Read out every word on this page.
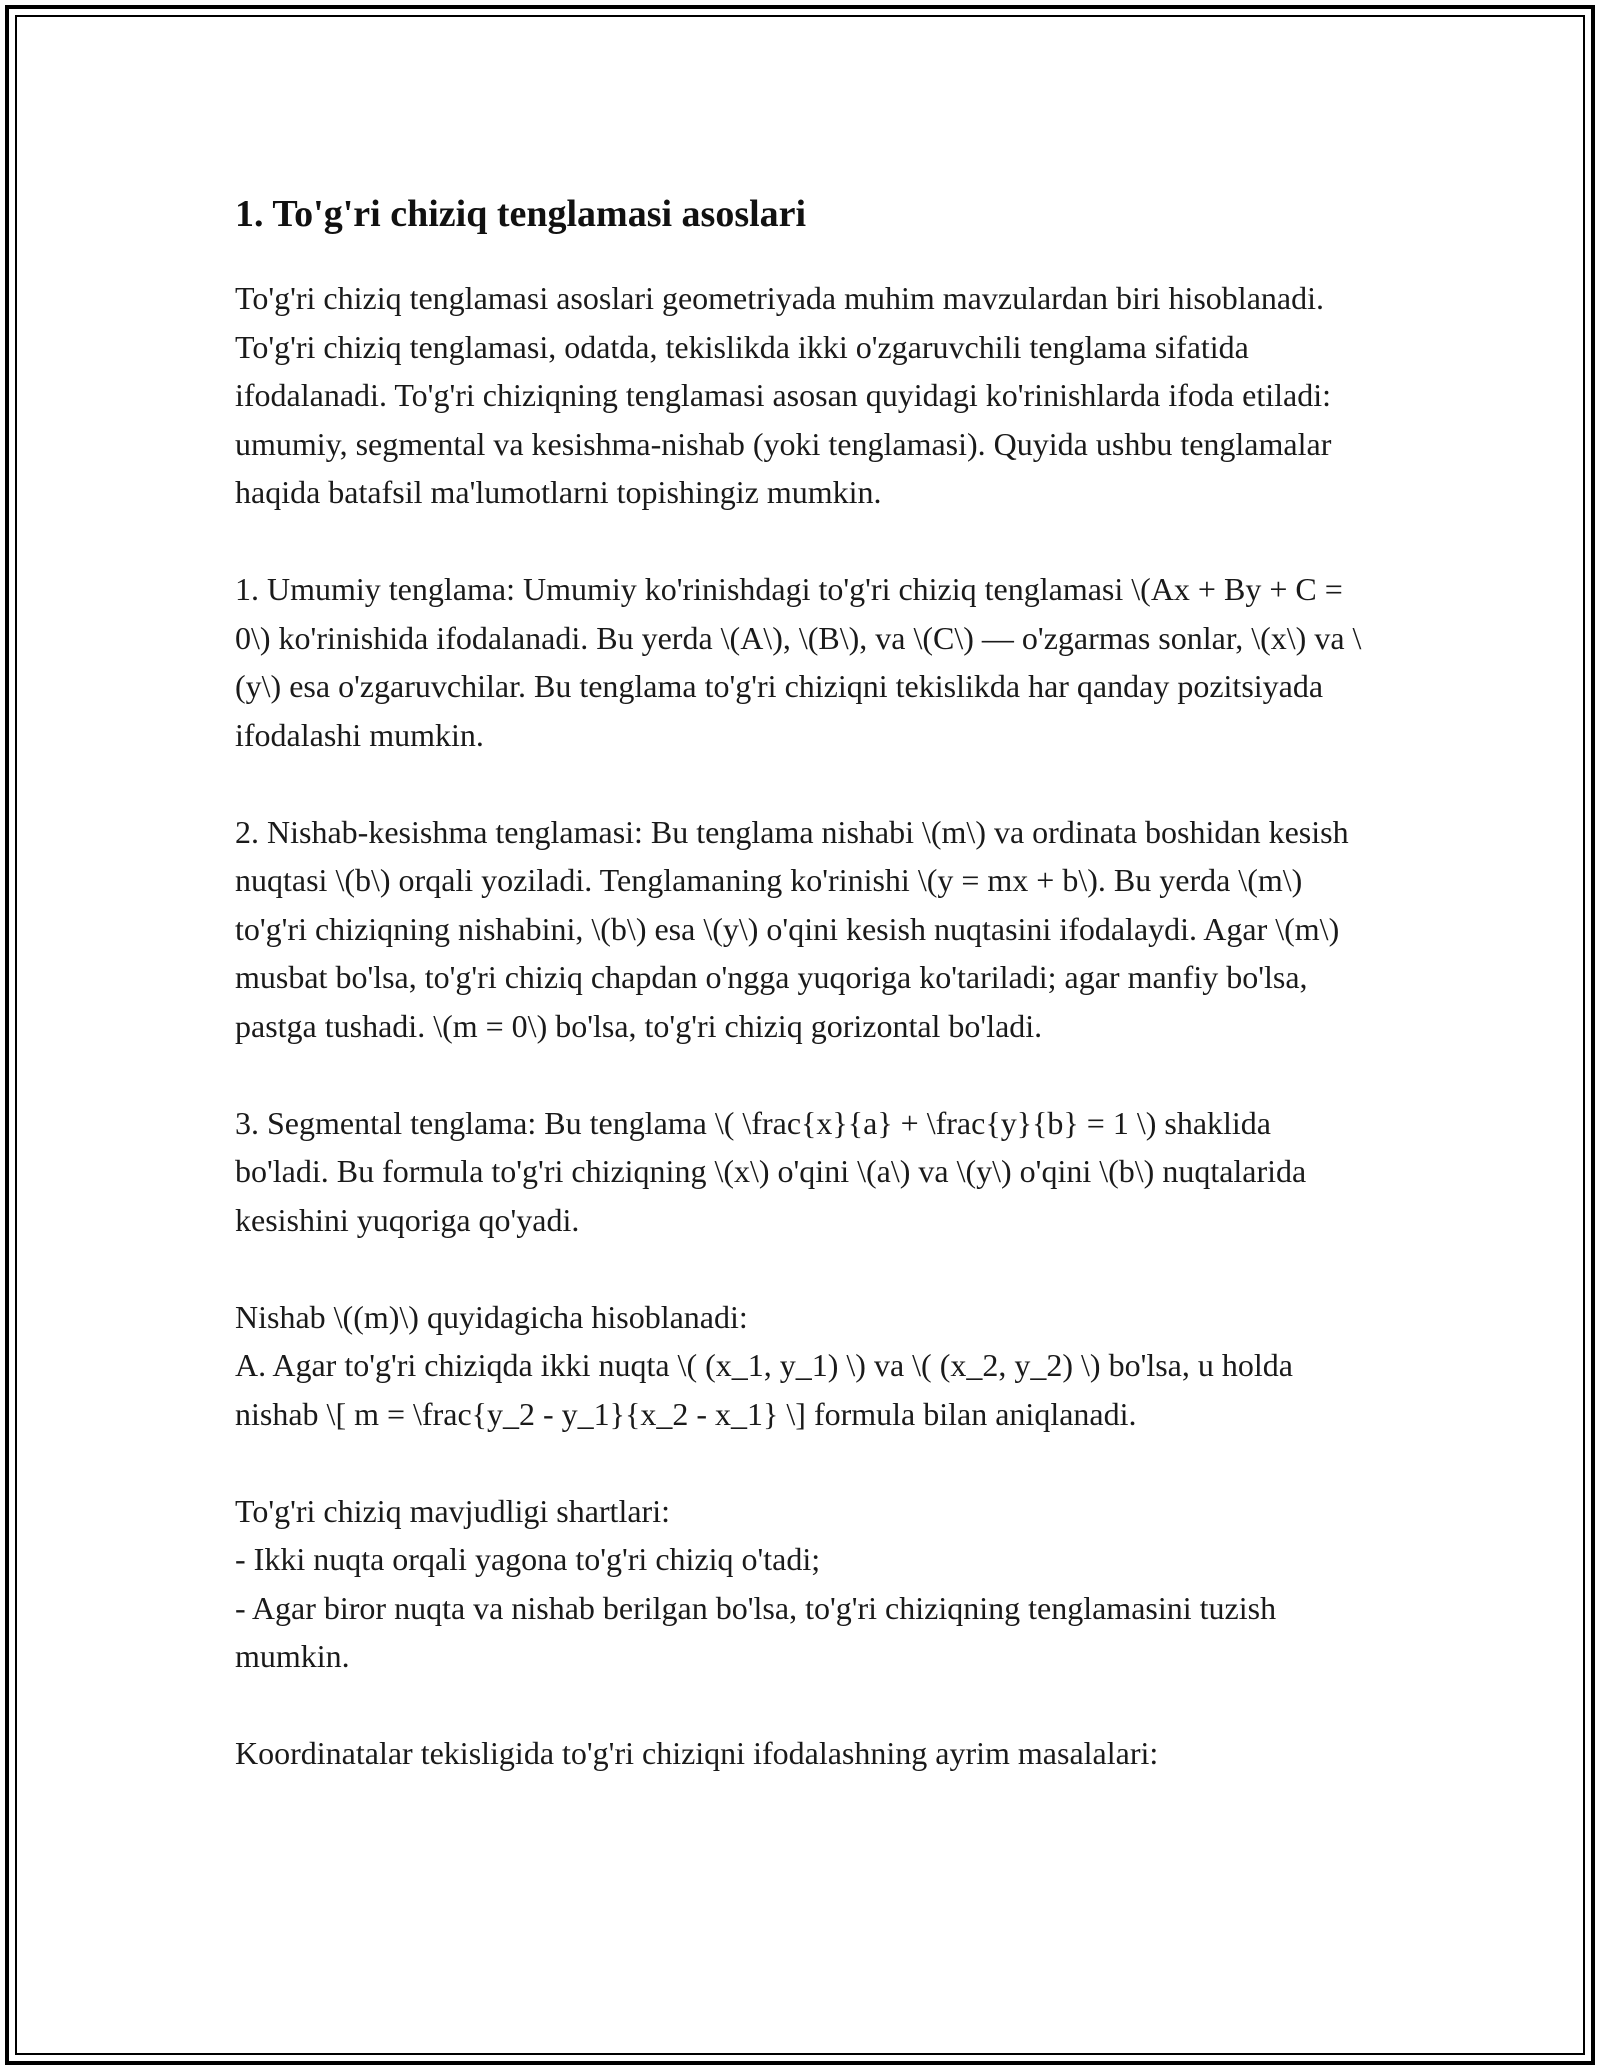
1. To'g'ri chiziq tenglamasi asoslari

To'g'ri chiziq tenglamasi asoslari geometriyada muhim mavzulardan biri hisoblanadi. To'g'ri chiziq tenglamasi, odatda, tekislikda ikki o'zgaruvchili tenglama sifatida ifodalanadi. To'g'ri chiziqning tenglamasi asosan quyidagi ko'rinishlarda ifoda etiladi: umumiy, segmental va kesishma-nishab (yoki tenglamasi). Quyida ushbu tenglamalar haqida batafsil ma'lumotlarni topishingiz mumkin.

1. Umumiy tenglama: Umumiy ko'rinishdagi to'g'ri chiziq tenglamasi \(Ax + By + C = 0\) ko'rinishida ifodalanadi. Bu yerda \(A\), \(B\), va \(C\) — o'zgarmas sonlar, \(x\) va \(y\) esa o'zgaruvchilar. Bu tenglama to'g'ri chiziqni tekislikda har qanday pozitsiyada ifodalashi mumkin.

2. Nishab-kesishma tenglamasi: Bu tenglama nishabi \(m\) va ordinata boshidan kesish nuqtasi \(b\) orqali yoziladi. Tenglamaning ko'rinishi \(y = mx + b\). Bu yerda \(m\) to'g'ri chiziqning nishabini, \(b\) esa \(y\) o'qini kesish nuqtasini ifodalaydi. Agar \(m\) musbat bo'lsa, to'g'ri chiziq chapdan o'ngga yuqoriga ko'tariladi; agar manfiy bo'lsa, pastga tushadi. \(m = 0\) bo'lsa, to'g'ri chiziq gorizontal bo'ladi.

3. Segmental tenglama: Bu tenglama \( \frac{x}{a} + \frac{y}{b} = 1 \) shaklida bo'ladi. Bu formula to'g'ri chiziqning \(x\) o'qini \(a\) va \(y\) o'qini \(b\) nuqtalarida kesishini yuqoriga qo'yadi.

Nishab \((m)\) quyidagicha hisoblanadi:
A. Agar to'g'ri chiziqda ikki nuqta \( (x_1, y_1) \) va \( (x_2, y_2) \) bo'lsa, u holda nishab \[ m = \frac{y_2 - y_1}{x_2 - x_1} \] formula bilan aniqlanadi.

To'g'ri chiziq mavjudligi shartlari:
- Ikki nuqta orqali yagona to'g'ri chiziq o'tadi;
- Agar biror nuqta va nishab berilgan bo'lsa, to'g'ri chiziqning tenglamasini tuzish mumkin.

Koordinatalar tekisligida to'g'ri chiziqni ifodalashning ayrim masalalari:
